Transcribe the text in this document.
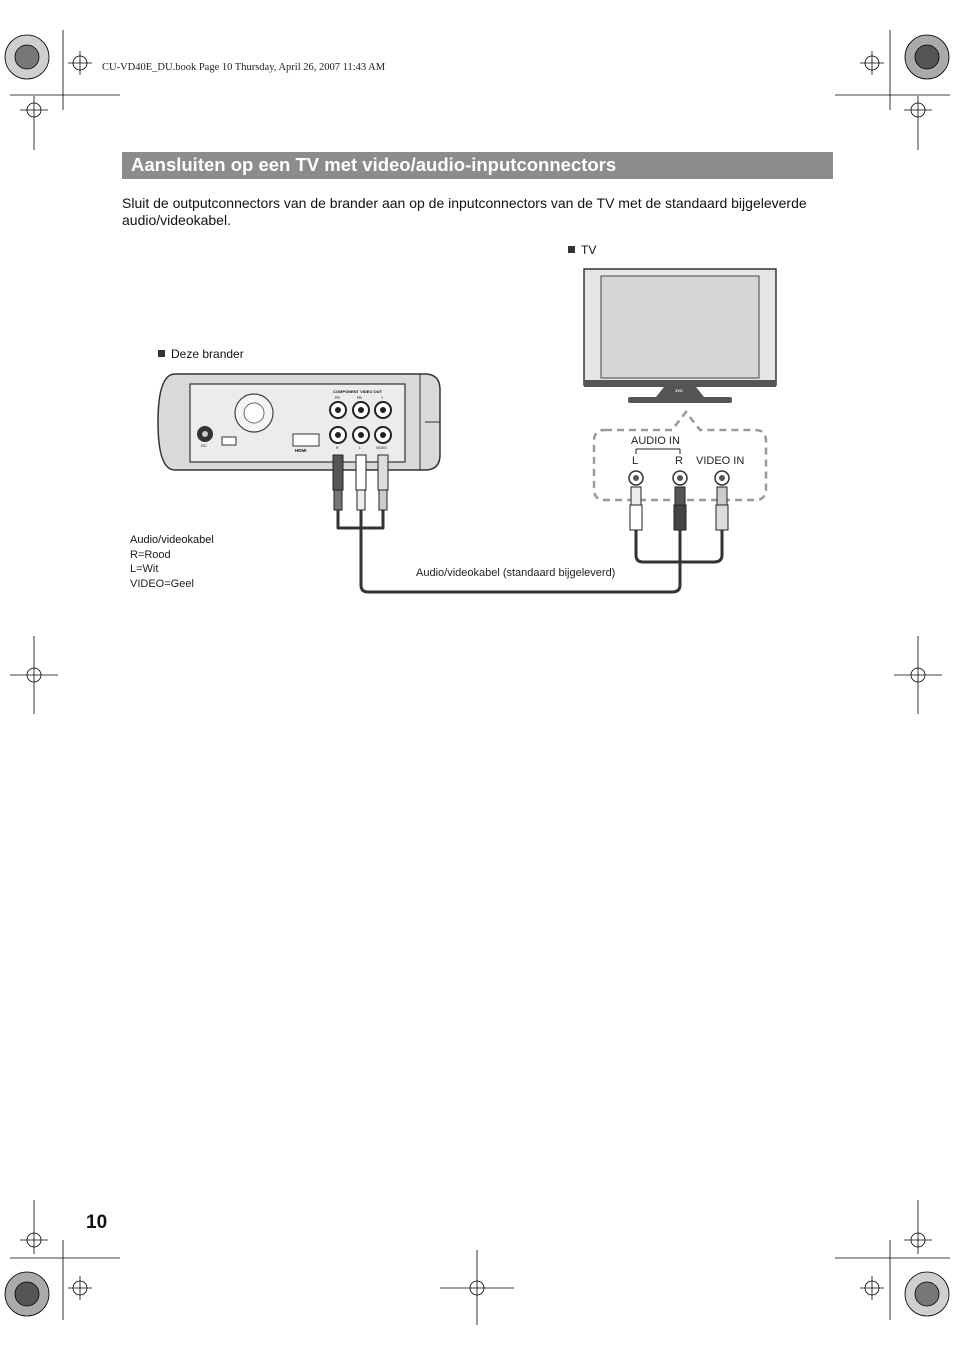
CU-VD40E_DU.book Page 10 Thursday, April 26, 2007 11:43 AM
Aansluiten op een TV met video/audio-inputconnectors
Sluit de outputconnectors van de brander aan op de inputconnectors van de TV met de standaard bijgeleverde audio/videokabel.
TV
Deze brander
COMPONENT VIDEO OUT
PR	PB	Y
R	L	VIDEO
DC
HDMI
JVC
AUDIO IN
L	R VIDEO IN
Audio/videokabel
R=Rood
L=Wit
VIDEO=Geel
Audio/videokabel (standaard bijgeleverd)
10
